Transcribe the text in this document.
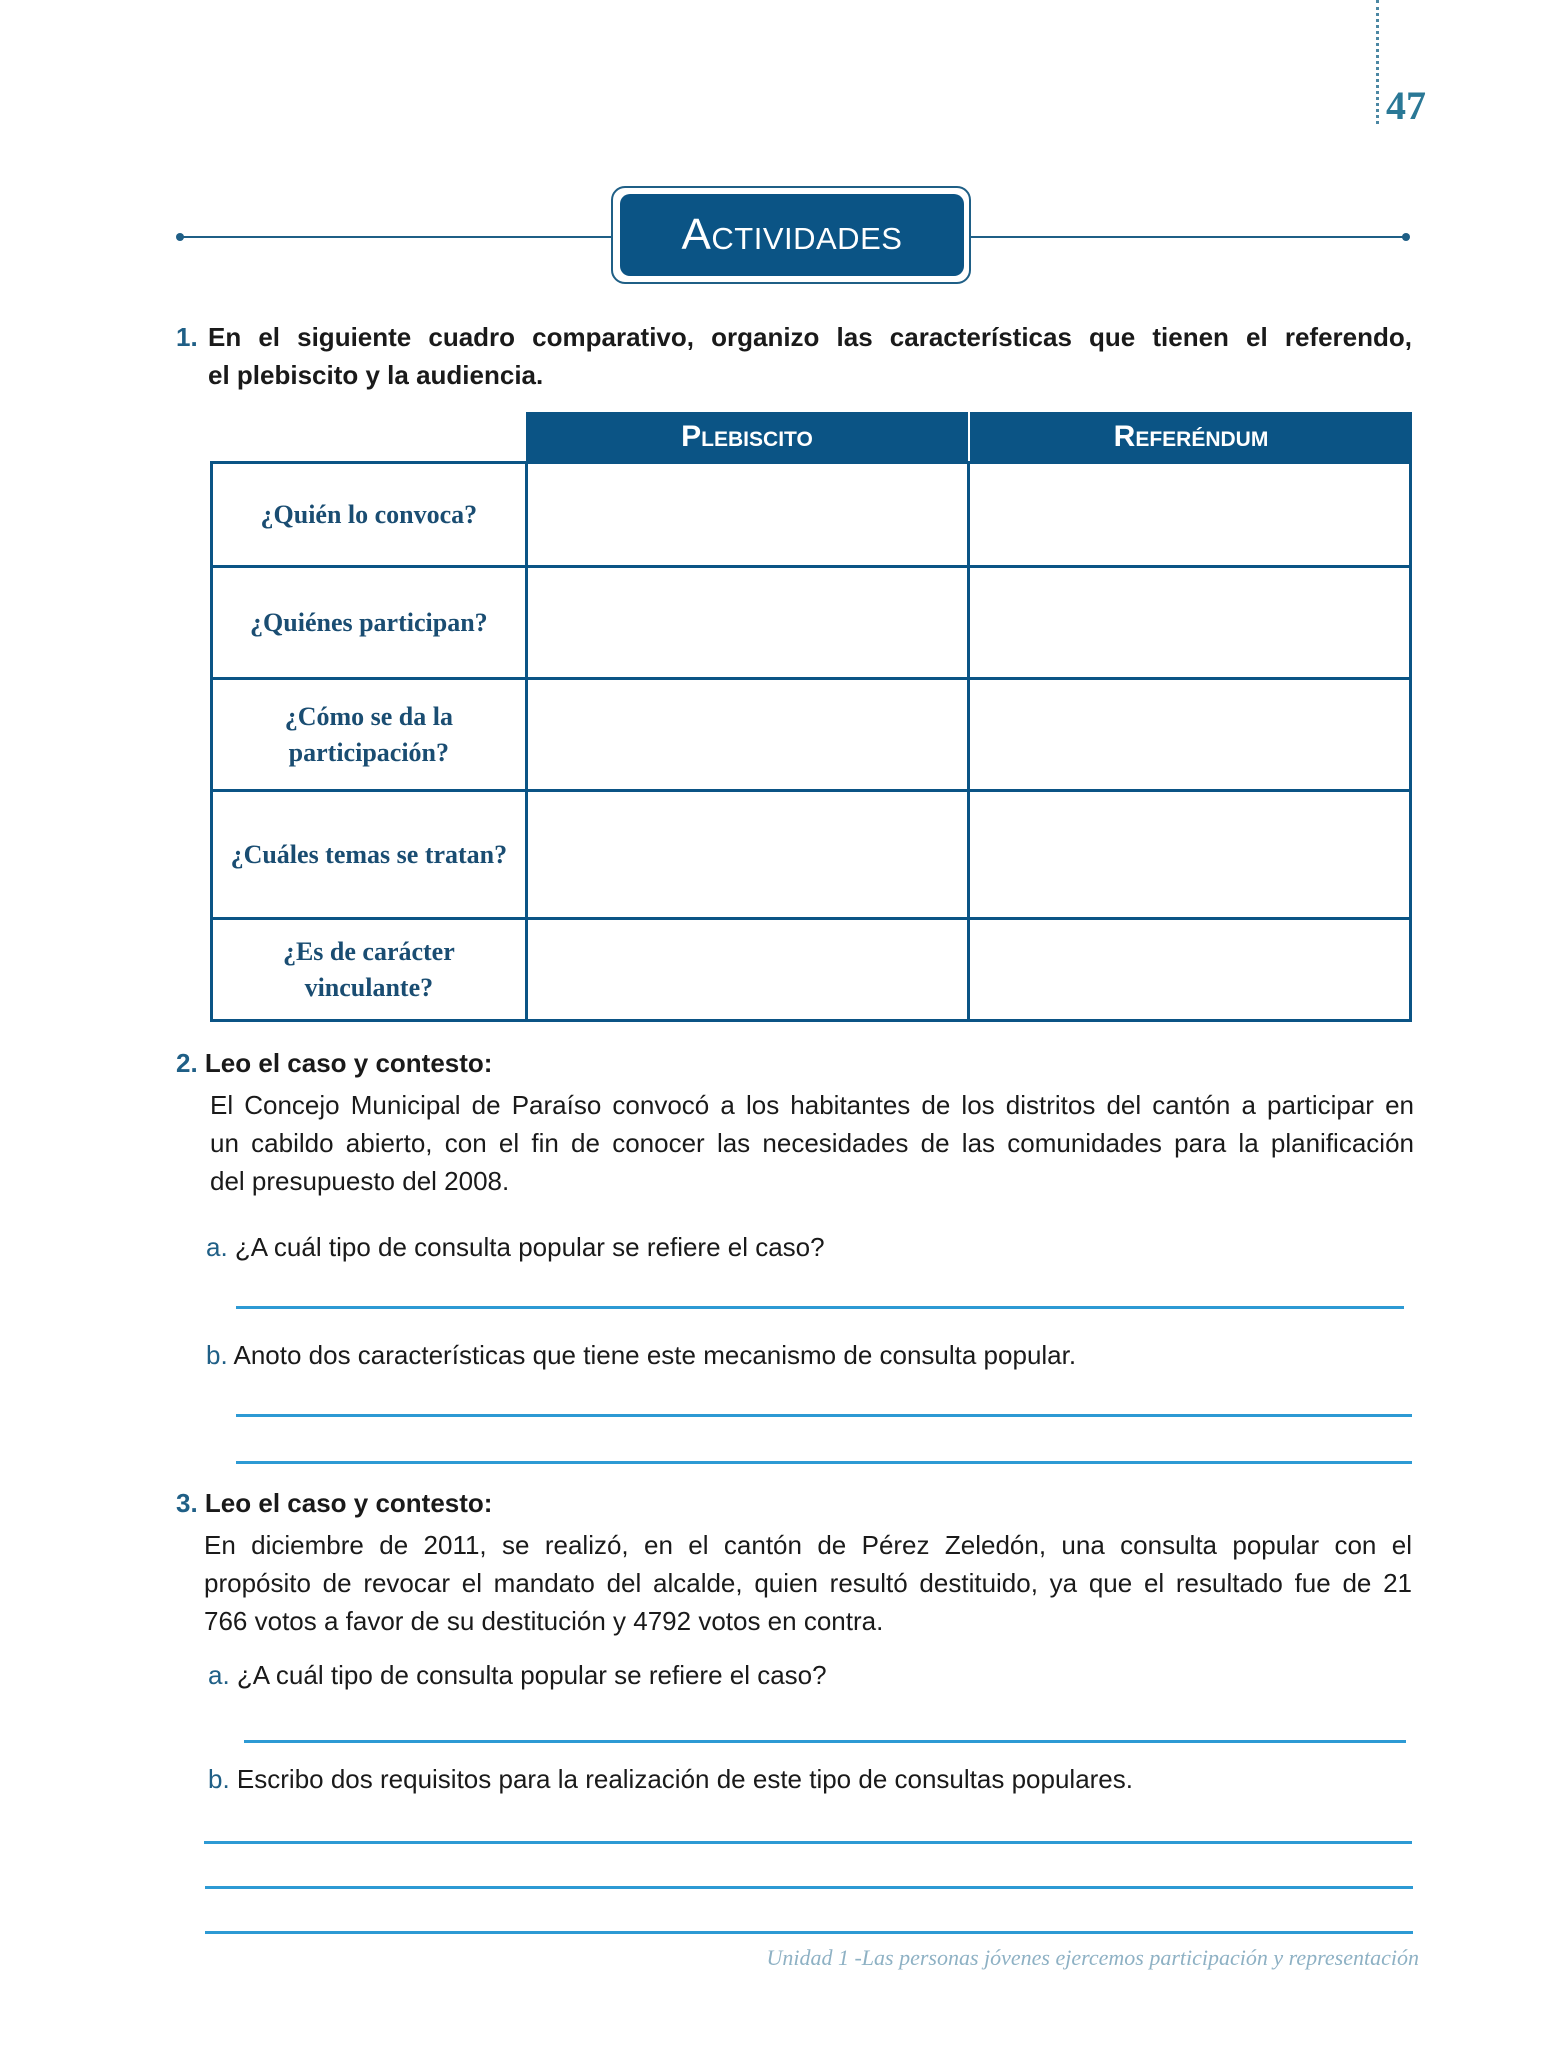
47
Actividades
1. En el siguiente cuadro comparativo, organizo las características que tienen el referendo,
el plebiscito y la audiencia.
Plebiscito	Referéndum
¿Quién lo convoca?		

¿Quiénes participan?		

¿Cómo se da la
participación?		

¿Cuáles temas se tratan?		

¿Es de carácter
vinculante?		

2. Leo el caso y contesto:
El Concejo Municipal de Paraíso convocó a los habitantes de los distritos del cantón a participar en
un cabildo abierto, con el fin de conocer las necesidades de las comunidades para la planificación
del presupuesto del 2008.
a. ¿A cuál tipo de consulta popular se refiere el caso?
b. Anoto dos características que tiene este mecanismo de consulta popular.
3. Leo el caso y contesto:
En diciembre de 2011, se realizó, en el cantón de Pérez Zeledón, una consulta popular con el
propósito de revocar el mandato del alcalde, quien resultó destituido, ya que el resultado fue de 21
766 votos a favor de su destitución y 4792 votos en contra.
a. ¿A cuál tipo de consulta popular se refiere el caso?
b. Escribo dos requisitos para la realización de este tipo de consultas populares.
Unidad 1 -Las personas jóvenes ejercemos participación y representación
